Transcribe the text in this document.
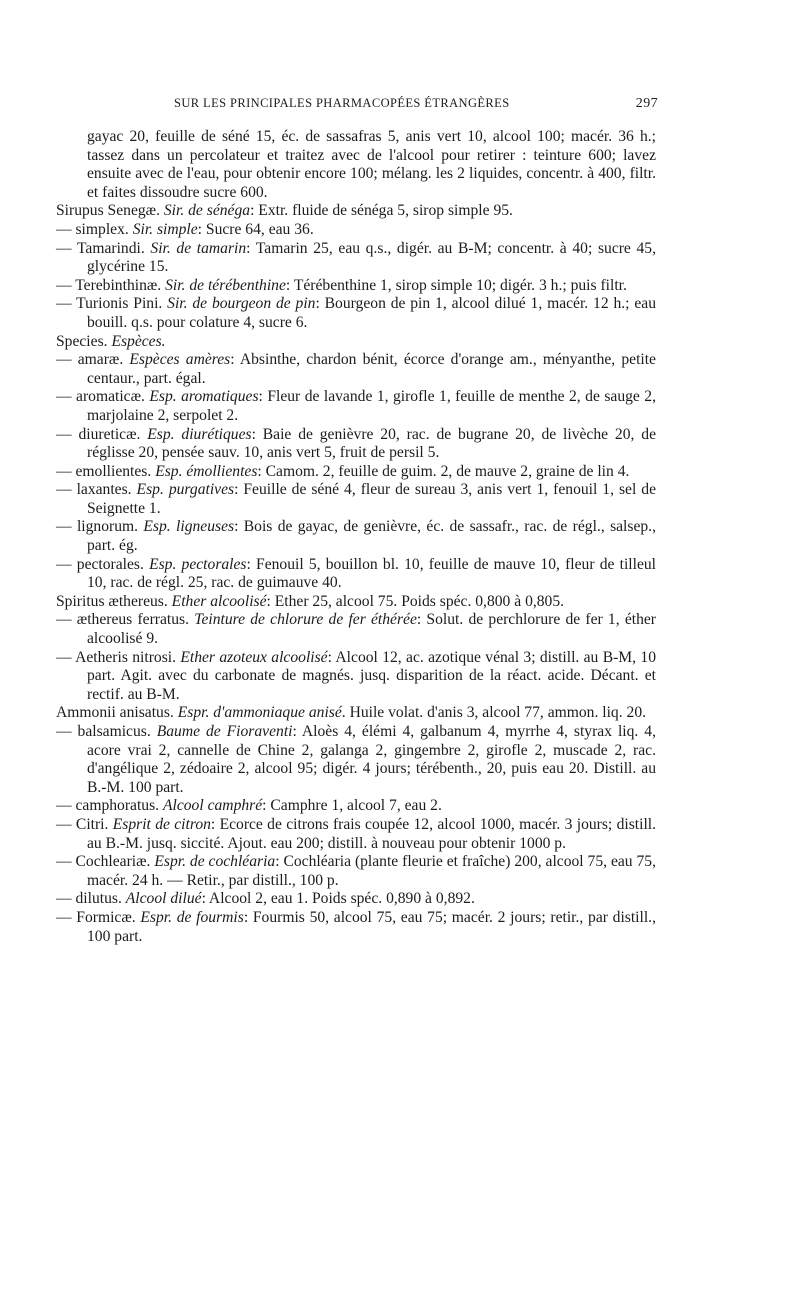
SUR LES PRINCIPALES PHARMACOPÉES ÉTRANGÈRES	297
gayac 20, feuille de séné 15, éc. de sassafras 5, anis vert 10, alcool 100; macér. 36 h.; tassez dans un percolateur et traitez avec de l'alcool pour retirer : teinture 600; lavez ensuite avec de l'eau, pour obtenir encore 100; mélang. les 2 liquides, concentr. à 400, filtr. et faites dissoudre sucre 600.
Sirupus Senegæ. Sir. de sénéga: Extr. fluide de sénéga 5, sirop simple 95.
— simplex. Sir. simple: Sucre 64, eau 36.
— Tamarindi. Sir. de tamarin: Tamarin 25, eau q.s., digér. au B-M; concentr. à 40; sucre 45, glycérine 15.
— Terebinthinæ. Sir. de térébenthine: Térébenthine 1, sirop simple 10; digér. 3 h.; puis filtr.
— Turionis Pini. Sir. de bourgeon de pin: Bourgeon de pin 1, alcool dilué 1, macér. 12 h.; eau bouill. q.s. pour colature 4, sucre 6.
Species. Espèces.
— amaræ. Espèces amères: Absinthe, chardon bénit, écorce d'orange am., ményanthe, petite centaur., part. égal.
— aromaticæ. Esp. aromatiques: Fleur de lavande 1, girofle 1, feuille de menthe 2, de sauge 2, marjolaine 2, serpolet 2.
— diureticæ. Esp. diurétiques: Baie de genièvre 20, rac. de bugrane 20, de livèche 20, de réglisse 20, pensée sauv. 10, anis vert 5, fruit de persil 5.
— emollientes. Esp. émollientes: Camom. 2, feuille de guim. 2, de mauve 2, graine de lin 4.
— laxantes. Esp. purgatives: Feuille de séné 4, fleur de sureau 3, anis vert 1, fenouil 1, sel de Seignette 1.
— lignorum. Esp. ligneuses: Bois de gayac, de genièvre, éc. de sassafr., rac. de régl., salsep., part. ég.
— pectorales. Esp. pectorales: Fenouil 5, bouillon bl. 10, feuille de mauve 10, fleur de tilleul 10, rac. de régl. 25, rac. de guimauve 40.
Spiritus æthereus. Ether alcoolisé: Ether 25, alcool 75. Poids spéc. 0,800 à 0,805.
— æthereus ferratus. Teinture de chlorure de fer éthérée: Solut. de perchlorure de fer 1, éther alcoolisé 9.
— Aetheris nitrosi. Ether azoteux alcoolisé: Alcool 12, ac. azotique vénal 3; distill. au B-M, 10 part. Agit. avec du carbonate de magnés. jusq. disparition de la réact. acide. Décant. et rectif. au B-M.
Ammonii anisatus. Espr. d'ammoniaque anisé. Huile volat. d'anis 3, alcool 77, ammon. liq. 20.
— balsamicus. Baume de Fioraventi: Aloès 4, élémi 4, galbanum 4, myrrhe 4, styrax liq. 4, acore vrai 2, cannelle de Chine 2, galanga 2, gingembre 2, girofle 2, muscade 2, rac. d'angélique 2, zédoaire 2, alcool 95; digér. 4 jours; térébenth., 20, puis eau 20. Distill. au B.-M. 100 part.
— camphoratus. Alcool camphré: Camphre 1, alcool 7, eau 2.
— Citri. Esprit de citron: Ecorce de citrons frais coupée 12, alcool 1000, macér. 3 jours; distill. au B.-M. jusq. siccité. Ajout. eau 200; distill. à nouveau pour obtenir 1000 p.
— Cochleariæ. Espr. de cochléaria: Cochléaria (plante fleurie et fraîche) 200, alcool 75, eau 75, macér. 24 h. — Retir., par distill., 100 p.
— dilutus. Alcool dilué: Alcool 2, eau 1. Poids spéc. 0,890 à 0,892.
— Formicæ. Espr. de fourmis: Fourmis 50, alcool 75, eau 75; macér. 2 jours; retir., par distill., 100 part.
